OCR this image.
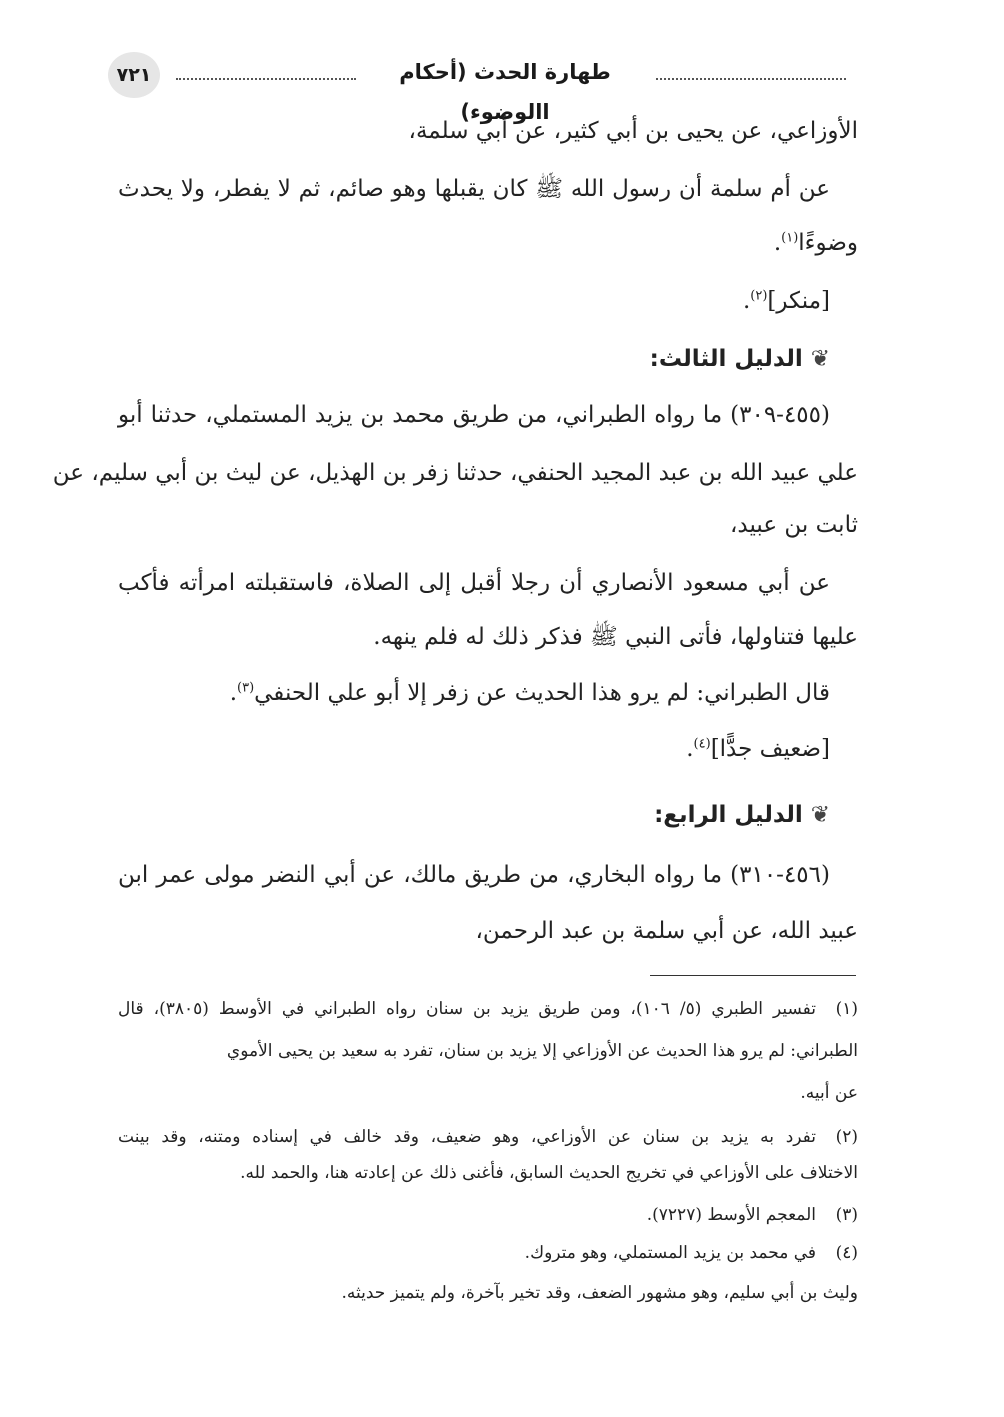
٧٢١	طهارة الحدث (أحكام االوضوء)
الأوزاعي، عن يحيى بن أبي كثير، عن أبي سلمة،
عن أم سلمة أن رسول الله ﷺ كان يقبلها وهو صائم، ثم لا يفطر، ولا يحدث
وضوءًا$^{(١)}$.
[منكر]$^{(٢)}$.
❦الدليل الثالث:
(٤٥٥-٣٠٩) ما رواه الطبراني، من طريق محمد بن يزيد المستملي، حدثنا أبو
علي عبيد الله بن عبد المجيد الحنفي، حدثنا زفر بن الهذيل، عن ليث بن أبي سليم، عن
ثابت بن عبيد،
عن أبي مسعود الأنصاري أن رجلا أقبل إلى الصلاة، فاستقبلته امرأته فأكب
عليها فتناولها، فأتى النبي ﷺ فذكر ذلك له فلم ينهه.
قال الطبراني: لم يرو هذا الحديث عن زفر إلا أبو علي الحنفي$^{(٣)}$.
[ضعيف جدًّا]$^{(٤)}$.
❦الدليل الرابع:
(٤٥٦-٣١٠) ما رواه البخاري، من طريق مالك، عن أبي النضر مولى عمر ابن
عبيد الله، عن أبي سلمة بن عبد الرحمن،
(١)تفسير الطبري (٥/ ١٠٦)، ومن طريق يزيد بن سنان رواه الطبراني في الأوسط (٣٨٠٥)، قال
الطبراني: لم يرو هذا الحديث عن الأوزاعي إلا يزيد بن سنان، تفرد به سعيد بن يحيى الأموي
عن أبيه.
(٢)تفرد به يزيد بن سنان عن الأوزاعي، وهو ضعيف، وقد خالف في إسناده ومتنه، وقد بينت
الاختلاف على الأوزاعي في تخريج الحديث السابق، فأغنى ذلك عن إعادته هنا، والحمد لله.
(٣)المعجم الأوسط (٧٢٢٧).
(٤)في محمد بن يزيد المستملي، وهو متروك.
وليث بن أبي سليم، وهو مشهور الضعف، وقد تخير بآخرة، ولم يتميز حديثه.
